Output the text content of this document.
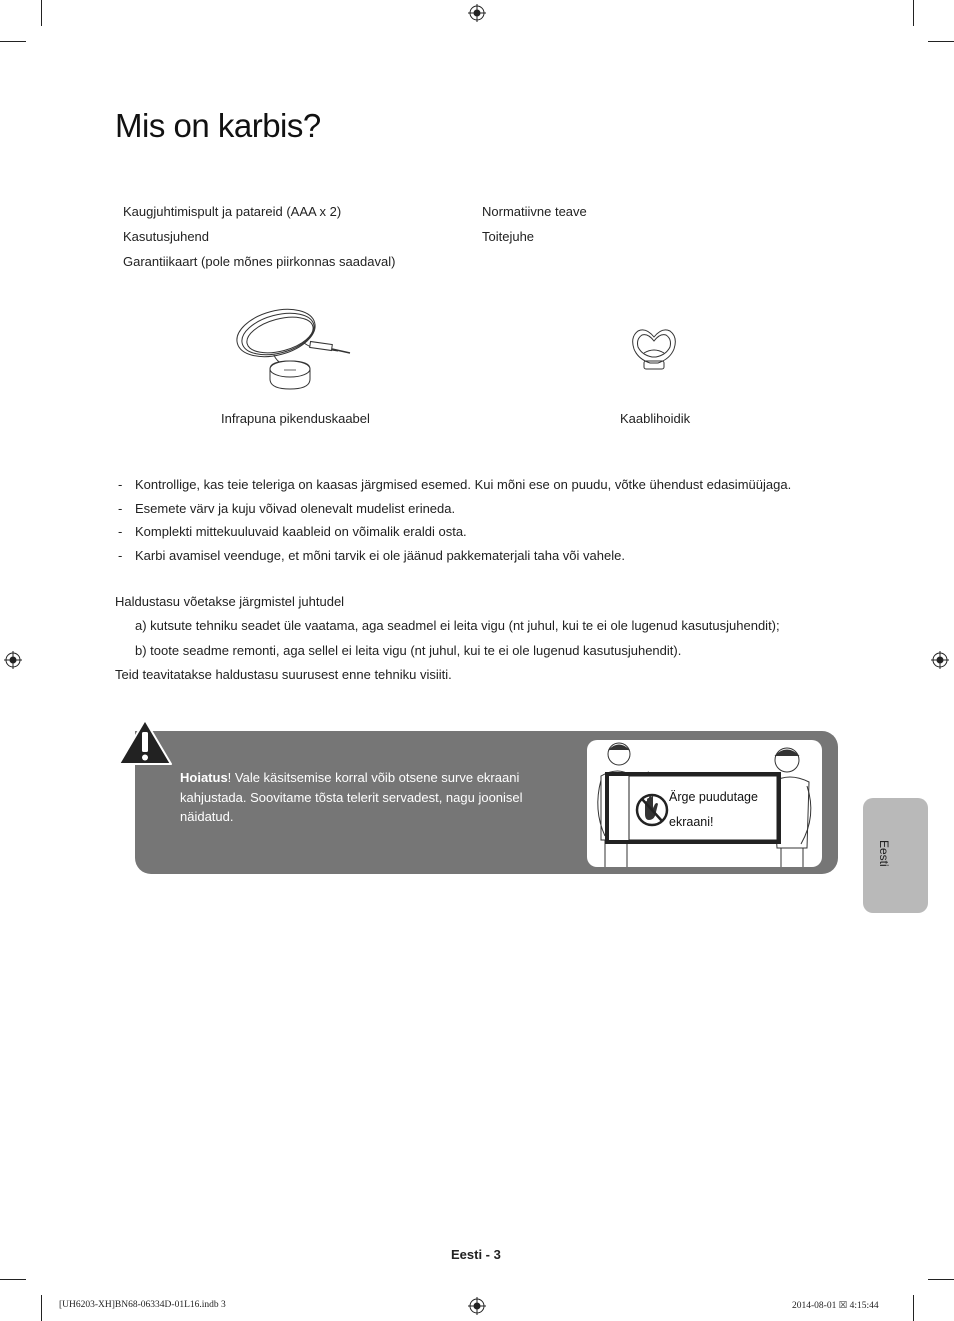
Mis on karbis?
Kaugjuhtimispult ja patareid (AAA x 2)
Kasutusjuhend
Garantiikaart (pole mõnes piirkonnas saadaval)
Normatiivne teave
Toitejuhe
Infrapuna pikenduskaabel	Kaablihoidik
- Kontrollige, kas teie teleriga on kaasas järgmised esemed. Kui mõni ese on puudu, võtke ühendust edasimüüjaga.
- Esemete värv ja kuju võivad olenevalt mudelist erineda.
- Komplekti mittekuuluvaid kaableid on võimalik eraldi osta.
- Karbi avamisel veenduge, et mõni tarvik ei ole jäänud pakkematerjali taha või vahele.
Haldustasu võetakse järgmistel juhtudel
a) kutsute tehniku seadet üle vaatama, aga seadmel ei leita vigu (nt juhul, kui te ei ole lugenud kasutusjuhendit);
b) toote seadme remonti, aga sellel ei leita vigu (nt juhul, kui te ei ole lugenud kasutusjuhendit).
Teid teavitatakse haldustasu suurusest enne tehniku visiiti.
Hoiatus! Vale käsitsemise korral võib otsene surve ekraani kahjustada. Soovitame tõsta telerit servadest, nagu joonisel näidatud.
Ärge puudutage
ekraani!
Eesti
Eesti - 3
[UH6203-XH]BN68-06334D-01L16.indb 3	2014-08-01 ☒ 4:15:44
